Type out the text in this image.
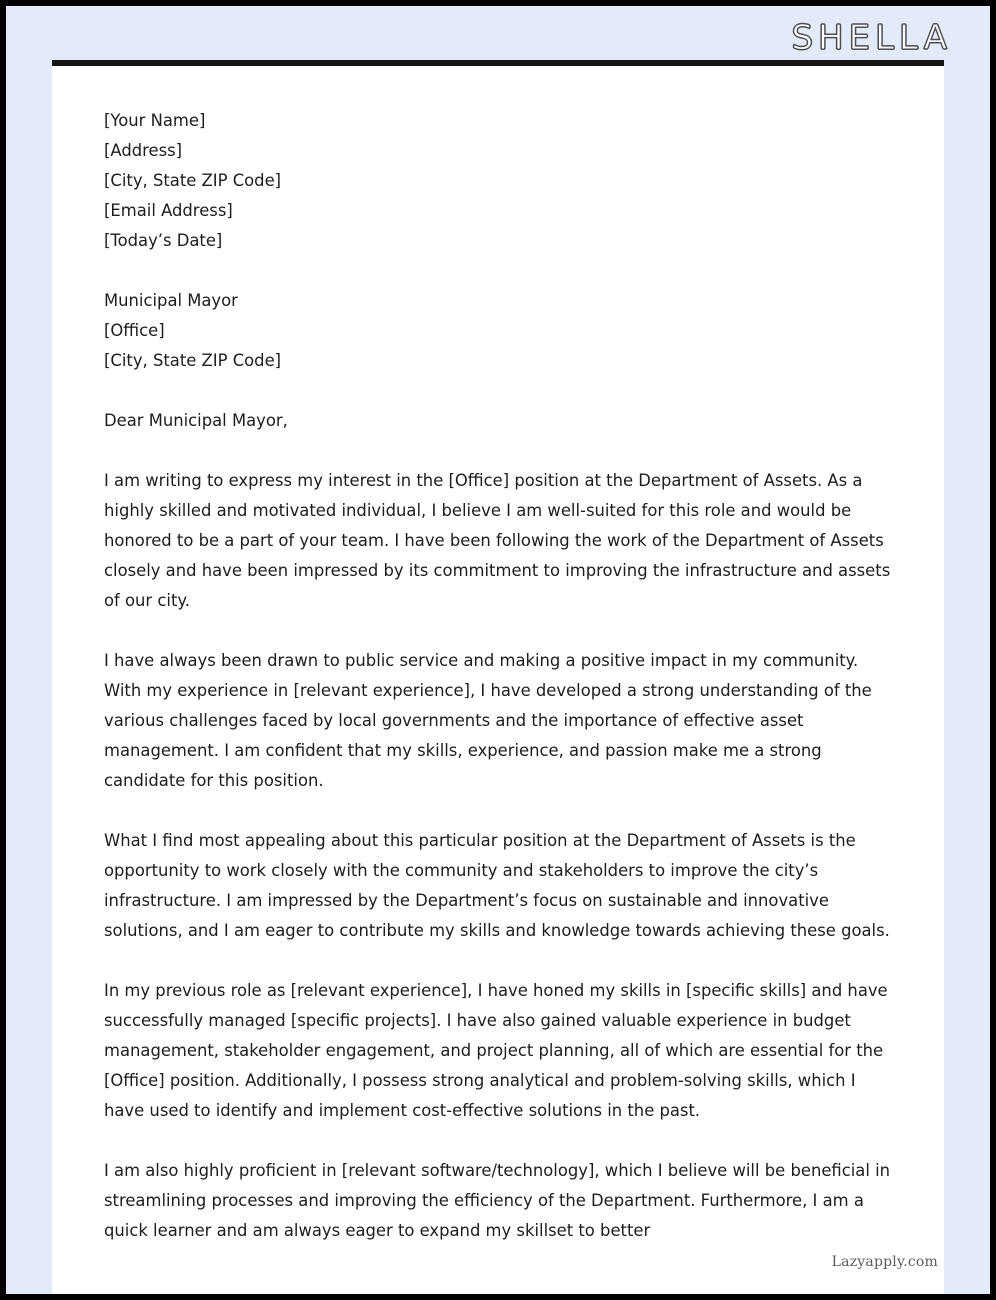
SHELLA
[Your Name]
[Address]
[City, State ZIP Code]
[Email Address]
[Today’s Date]
Municipal Mayor
[Office]
[City, State ZIP Code]
Dear Municipal Mayor,

I am writing to express my interest in the [Office] position at the Department of Assets. As a highly skilled and motivated individual, I believe I am well-suited for this role and would be honored to be a part of your team. I have been following the work of the Department of Assets closely and have been impressed by its commitment to improving the infrastructure and assets of our city.

I have always been drawn to public service and making a positive impact in my community. With my experience in [relevant experience], I have developed a strong understanding of the various challenges faced by local governments and the importance of effective asset management. I am confident that my skills, experience, and passion make me a strong candidate for this position.

What I find most appealing about this particular position at the Department of Assets is the opportunity to work closely with the community and stakeholders to improve the city’s infrastructure. I am impressed by the Department’s focus on sustainable and innovative solutions, and I am eager to contribute my skills and knowledge towards achieving these goals.

In my previous role as [relevant experience], I have honed my skills in [specific skills] and have successfully managed [specific projects]. I have also gained valuable experience in budget management, stakeholder engagement, and project planning, all of which are essential for the [Office] position. Additionally, I possess strong analytical and problem-solving skills, which I have used to identify and implement cost-effective solutions in the past.

I am also highly proficient in [relevant software/technology], which I believe will be beneficial in streamlining processes and improving the efficiency of the Department. Furthermore, I am a quick learner and am always eager to expand my skillset to better

Lazyapply.com
